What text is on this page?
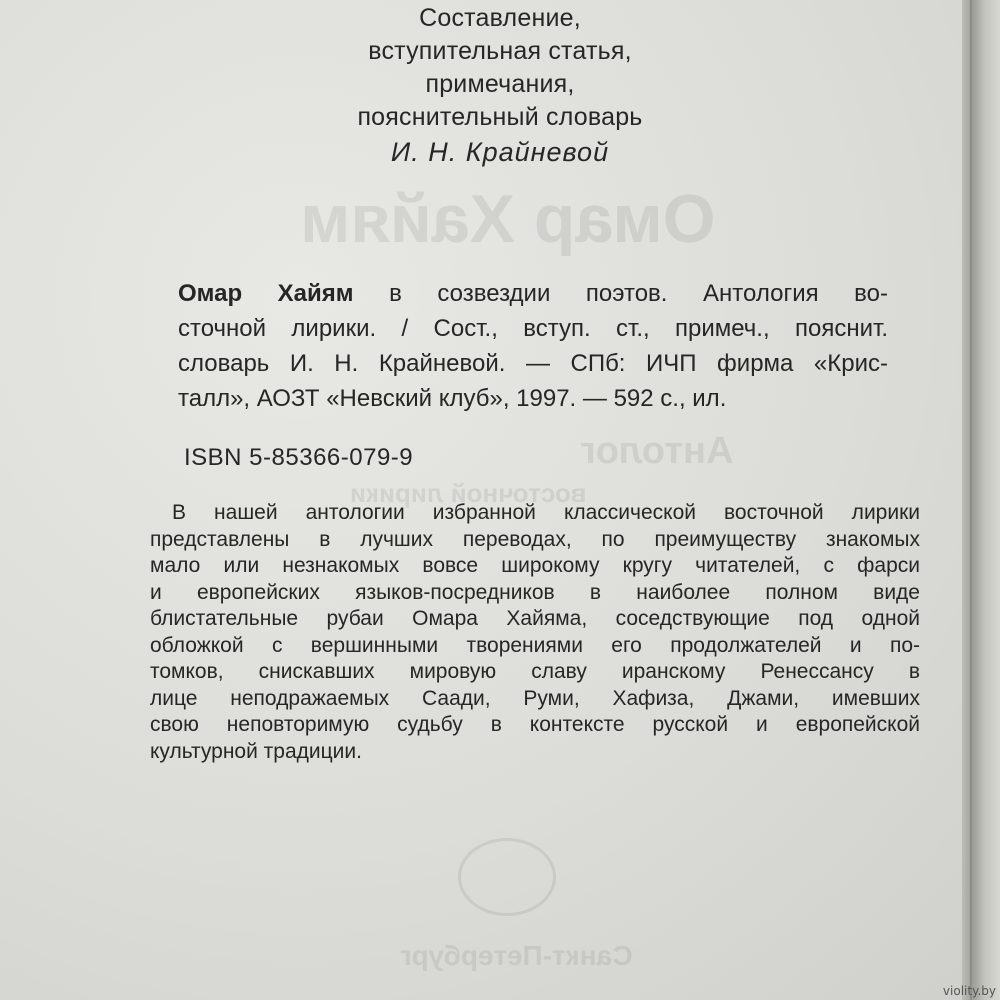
Омар Хайям
Антолог
восточной лирики
Санкт-Петербург
Составление,
вступительная статья,
примечания,
пояснительный словарь
И. Н. Крайневой
Омар Хайям в созвездии поэтов. Антология во-
сточной лирики. / Сост., вступ. ст., примеч., пояснит.
словарь И. Н. Крайневой. — СПб: ИЧП фирма «Крис-
талл», АОЗТ «Невский клуб», 1997. — 592 с., ил.
ISBN 5-85366-079-9
В нашей антологии избранной классической восточной лирики
представлены в лучших переводах, по преимуществу знакомых
мало или незнакомых вовсе широкому кругу читателей, с фарси
и европейских языков-посредников в наиболее полном виде
блистательные рубаи Омара Хайяма, соседствующие под одной
обложкой с вершинными творениями его продолжателей и по-
томков, снискавших мировую славу иранскому Ренессансу в
лице неподражаемых Саади, Руми, Хафиза, Джами, имевших
свою неповторимую судьбу в контексте русской и европейской
культурной традиции.
violity.by
